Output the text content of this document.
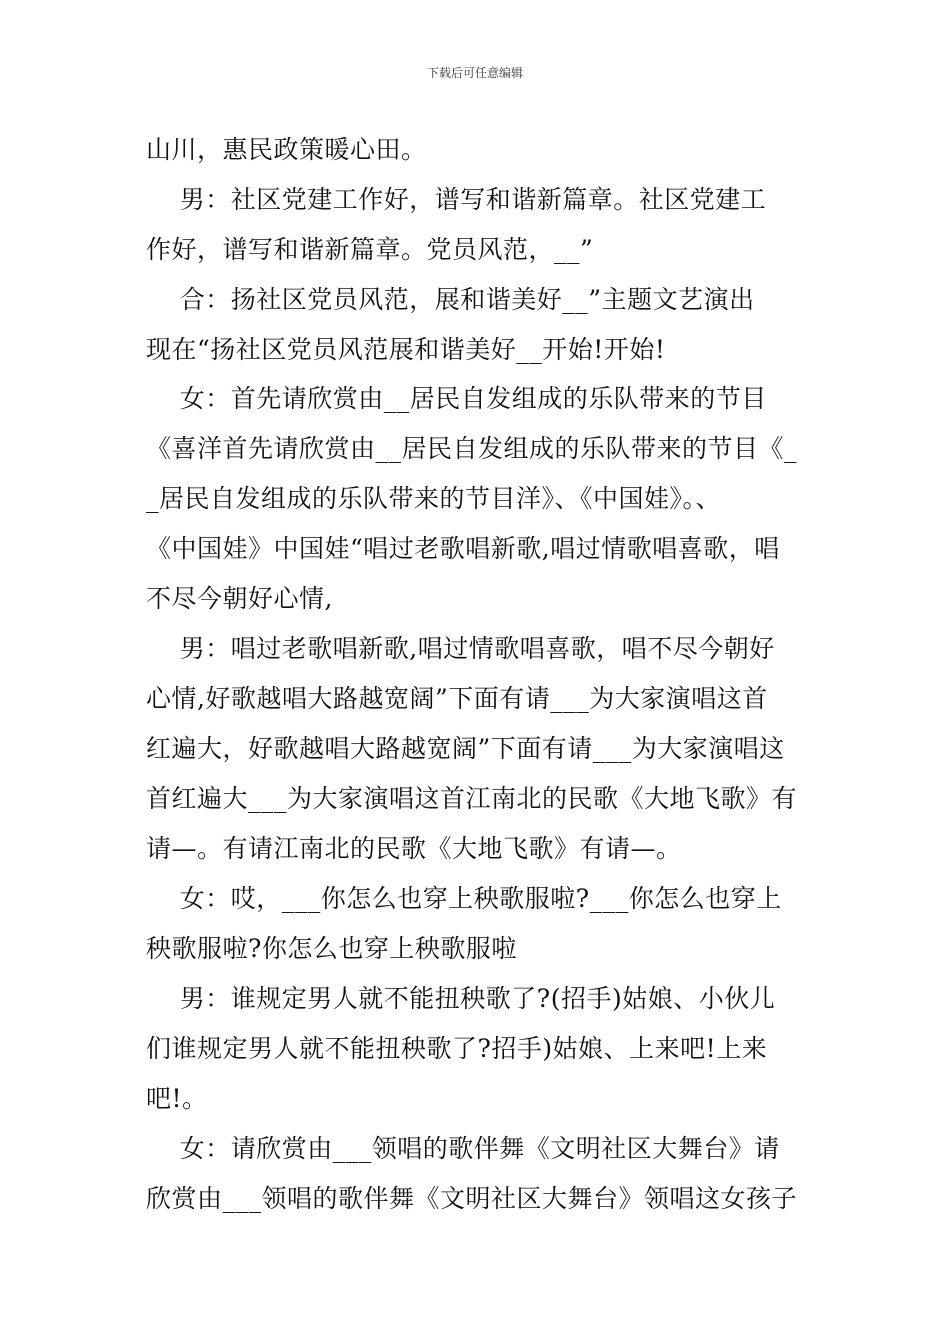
下载后可任意编辑
山川，惠民政策暖心田。
男：社区党建工作好，谱写和谐新篇章。社区党建工
作好，谱写和谐新篇章。党员风范，__”
合：扬社区党员风范，展和谐美好__”主题文艺演出
现在“扬社区党员风范展和谐美好__开始!开始!
女：首先请欣赏由__居民自发组成的乐队带来的节目
《喜洋首先请欣赏由__居民自发组成的乐队带来的节目《_
_居民自发组成的乐队带来的节目洋》、《中国娃》。、
《中国娃》中国娃“唱过老歌唱新歌,唱过情歌唱喜歌，唱
不尽今朝好心情,
男：唱过老歌唱新歌,唱过情歌唱喜歌，唱不尽今朝好
心情,好歌越唱大路越宽阔”下面有请___为大家演唱这首
红遍大，好歌越唱大路越宽阔”下面有请___为大家演唱这
首红遍大___为大家演唱这首江南北的民歌《大地飞歌》有
请—。有请江南北的民歌《大地飞歌》有请—。
女：哎，___你怎么也穿上秧歌服啦?___你怎么也穿上
秧歌服啦?你怎么也穿上秧歌服啦
男：谁规定男人就不能扭秧歌了?(招手)姑娘、小伙儿
们谁规定男人就不能扭秧歌了?招手)姑娘、上来吧!上来
吧!。
女：请欣赏由___领唱的歌伴舞《文明社区大舞台》请
欣赏由___领唱的歌伴舞《文明社区大舞台》领唱这女孩子
